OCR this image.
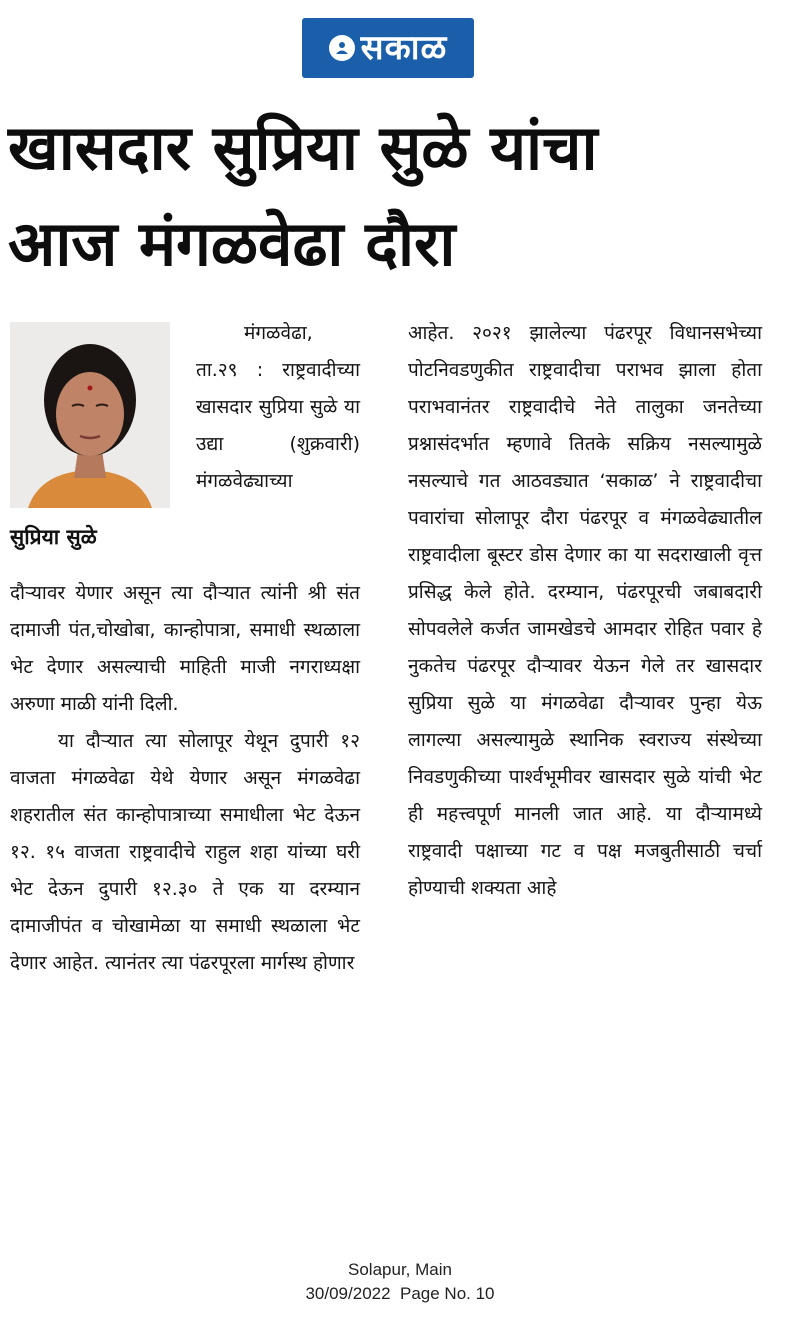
सकाळ
खासदार सुप्रिया सुळे यांचा
आज मंगळवेढा दौरा
सुप्रिया सुळे

मंगळवेढा, ता.२९ : राष्ट्रवादीच्या खासदार सुप्रिया सुळे या उद्या (शुक्रवारी) मंगळवेढ्याच्या

दौऱ्यावर येणार असून त्या दौऱ्यात त्यांनी श्री संत दामाजी पंत,चोखोबा, कान्होपात्रा, समाधी स्थळाला भेट देणार असल्याची माहिती माजी नगराध्यक्षा अरुणा माळी यांनी दिली.

या दौऱ्यात त्या सोलापूर येथून दुपारी १२ वाजता मंगळवेढा येथे येणार असून मंगळवेढा शहरातील संत कान्होपात्राच्या समाधीला भेट देऊन १२. १५ वाजता राष्ट्रवादीचे राहुल शहा यांच्या घरी भेट देऊन दुपारी १२.३० ते एक या दरम्यान दामाजीपंत व चोखामेळा या समाधी स्थळाला भेट देणार आहेत. त्यानंतर त्या पंढरपूरला मार्गस्थ होणार

आहेत. २०२१ झालेल्या पंढरपूर विधानसभेच्या पोटनिवडणुकीत राष्ट्रवादीचा पराभव झाला होता पराभवानंतर राष्ट्रवादीचे नेते तालुका जनतेच्या प्रश्नासंदर्भात म्हणावे तितके सक्रिय नसल्यामुळे नसल्याचे गत आठवड्यात ‘सकाळ’ ने राष्ट्रवादीचा पवारांचा सोलापूर दौरा पंढरपूर व मंगळवेढ्यातील राष्ट्रवादीला बूस्टर डोस देणार का या सदराखाली वृत्त प्रसिद्ध केले होते. दरम्यान, पंढरपूरची जबाबदारी सोपवलेले कर्जत जामखेडचे आमदार रोहित पवार हे नुकतेच पंढरपूर दौऱ्यावर येऊन गेले तर खासदार सुप्रिया सुळे या मंगळवेढा दौऱ्यावर पुन्हा येऊ लागल्या असल्यामुळे स्थानिक स्वराज्य संस्थेच्या निवडणुकीच्या पार्श्वभूमीवर खासदार सुळे यांची भेट ही महत्त्वपूर्ण मानली जात आहे. या दौऱ्यामध्ये राष्ट्रवादी पक्षाच्या गट व पक्ष मजबुतीसाठी चर्चा होण्याची शक्यता आहे

Solapur, Main
30/09/2022  Page No. 10
